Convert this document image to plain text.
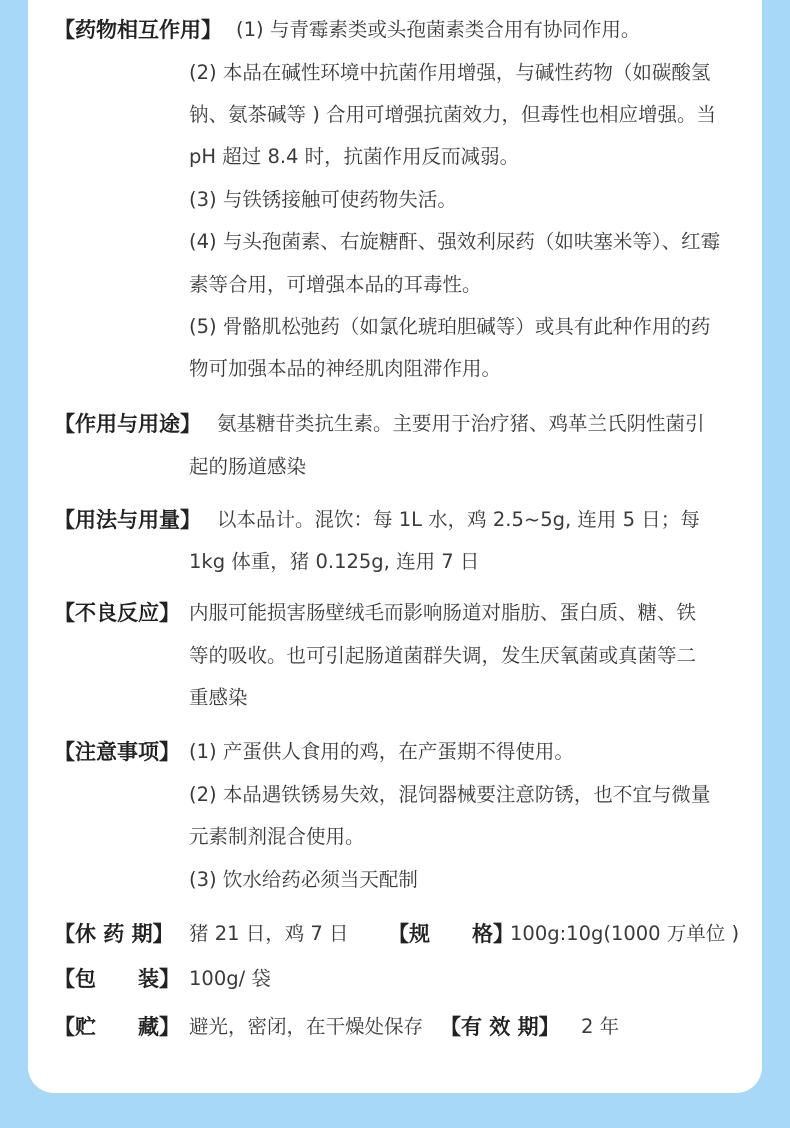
【药物相互作用】 (1) 与青霉素类或头孢菌素类合用有协同作用。
(2) 本品在碱性环境中抗菌作用增强，与碱性药物（如碳酸氢
钠、氨茶碱等 ) 合用可增强抗菌效力，但毒性也相应增强。当
pH 超过 8.4 时，抗菌作用反而减弱。
(3) 与铁锈接触可使药物失活。
(4) 与头孢菌素、右旋糖酐、强效利尿药（如呋塞米等）、红霉
素等合用，可增强本品的耳毒性。
(5) 骨骼肌松弛药（如氯化琥珀胆碱等）或具有此种作用的药
物可加强本品的神经肌肉阻滞作用。
【作用与用途】 氨基糖苷类抗生素。主要用于治疗猪、鸡革兰氏阴性菌引
起的肠道感染
【用法与用量】 以本品计。混饮：每 1L 水，鸡 2.5~5g, 连用 5 日；每
1kg 体重，猪 0.125g, 连用 7 日
【不良反应】 内服可能损害肠壁绒毛而影响肠道对脂肪、蛋白质、糖、铁
等的吸收。也可引起肠道菌群失调，发生厌氧菌或真菌等二
重感染
【注意事项】 (1) 产蛋供人食用的鸡，在产蛋期不得使用。
(2) 本品遇铁锈易失效，混饲器械要注意防锈，也不宜与微量
元素制剂混合使用。
(3) 饮水给药必须当天配制
【休 药 期】 猪 21 日，鸡 7 日 【规　　格】
100g:10g(1000 万单位 )
【包　　装】 100g/ 袋
【贮　　藏】 避光，密闭，在干燥处保存 【有 效 期】 2 年
